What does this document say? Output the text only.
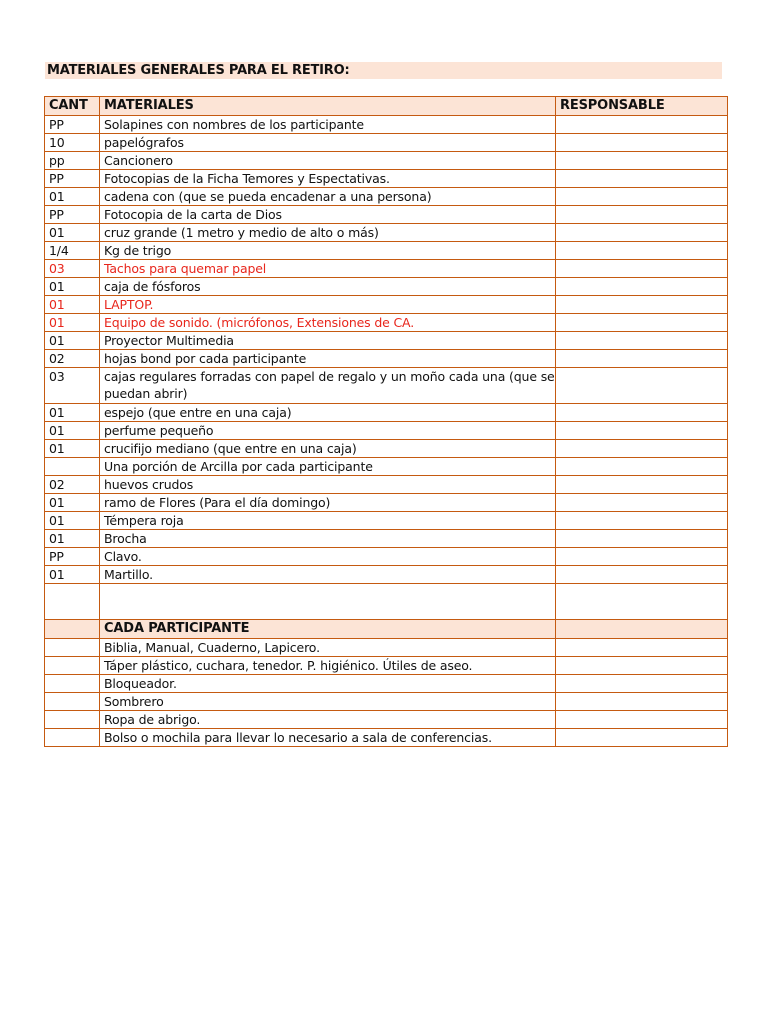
MATERIALES GENERALES PARA EL RETIRO:
CANT	MATERIALES	RESPONSABLE
PP	Solapines con nombres de los participante	
10	papelógrafos	
pp	Cancionero	
PP	Fotocopias de la Ficha Temores y Espectativas.	
01	cadena con (que se pueda encadenar a una persona)	
PP	Fotocopia de la carta de Dios	
01	cruz grande (1 metro y medio de alto o más)	
1/4	Kg de trigo	
03	Tachos para quemar papel	
01	caja de fósforos	
01	LAPTOP.	
01	Equipo de sonido. (micrófonos, Extensiones de CA.	
01	Proyector Multimedia	
02	hojas bond por cada participante	
03	cajas regulares forradas con papel de regalo y un moño cada una (que se puedan abrir)	
01	espejo (que entre en una caja)	
01	perfume pequeño	
01	crucifijo mediano (que entre en una caja)	
	Una porción de Arcilla por cada participante	
02	huevos crudos	
01	ramo de Flores (Para el día domingo)	
01	Témpera roja	
01	Brocha	
PP	Clavo.	
01	Martillo.	

	CADA PARTICIPANTE	
	Biblia, Manual, Cuaderno, Lapicero.	
	Táper plástico, cuchara, tenedor. P. higiénico. Útiles de aseo.	
	Bloqueador.	
	Sombrero	
	Ropa de abrigo.	
	Bolso o mochila para llevar lo necesario a sala de conferencias.	
